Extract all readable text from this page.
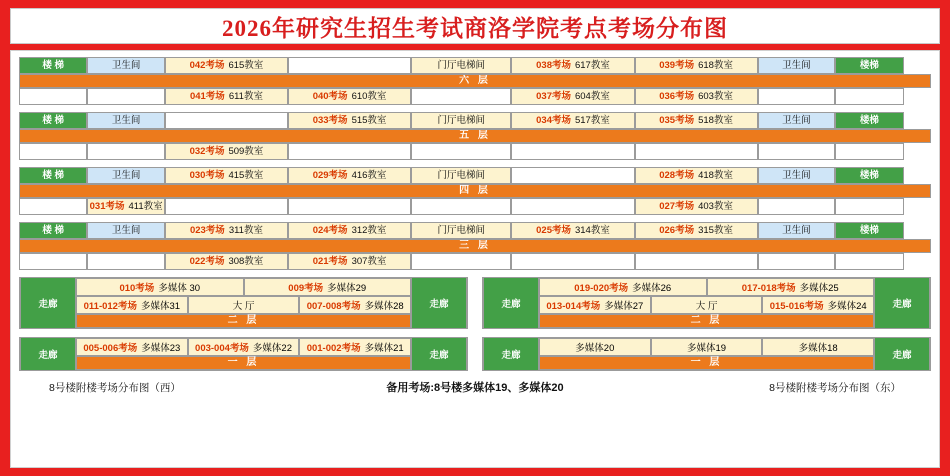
2026年研究生招生考试商洛学院考点考场分布图
楼 梯	卫生间	042考场 615教室	门厅电梯间	038考场 617教室	039考场 618教室	卫生间	楼梯
六 层
041考场 611教室	040考场 610教室	037考场 604教室	036考场 603教室
楼 梯	卫生间	033考场 515教室	门厅电梯间	034考场 517教室	035考场 518教室	卫生间	楼梯
五 层
032考场 509教室
楼 梯	卫生间	030考场 415教室	029考场 416教室	门厅电梯间	028考场 418教室	卫生间	楼梯
四 层
031考场 411教室	027考场 403教室
楼 梯	卫生间	023考场 311教室	024考场 312教室	门厅电梯间	025考场 314教室	026考场 315教室	卫生间	楼梯
三 层
022考场 308教室	021考场 307教室
走廊
010考场 多媒体 30	009考场 多媒体29
011-012考场 多媒体31	大 厅	007-008考场 多媒体28
二 层
走廊	走廊
019-020考场 多媒体26	017-018考场 多媒体25
013-014考场 多媒体27	大 厅	015-016考场 多媒体24
二 层
走廊
走廊
005-006考场 多媒体23 003-004考场 多媒体22 001-002考场 多媒体21
一 层
走廊	走廊
多媒体20	多媒体19	多媒体18
一 层
走廊
8号楼附楼考场分布图（西）	备用考场:8号楼多媒体19、多媒体20	8号楼附楼考场分布图（东）
